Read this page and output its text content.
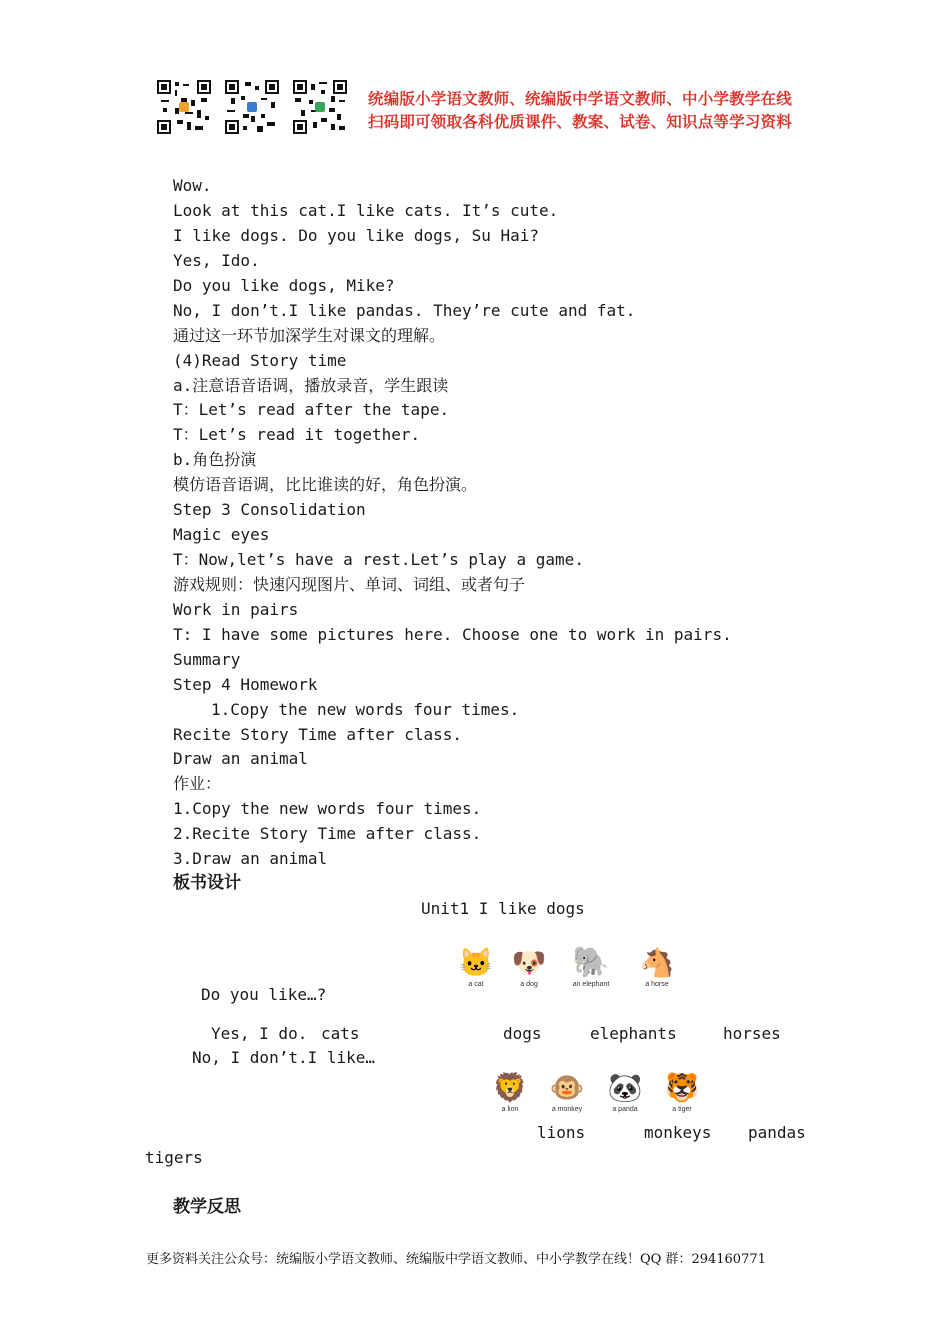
统编版小学语文教师、统编版中学语文教师、中小学教学在线
扫码即可领取各科优质课件、教案、试卷、知识点等学习资料
Wow.
Look at this cat.I like cats. It’s cute.
I like dogs. Do you like dogs, Su Hai?
Yes, Ido.
Do you like dogs, Mike?
No, I don’t.I like pandas. They’re cute and fat.
通过这一环节加深学生对课文的理解。
(4)Read Story time
a.注意语音语调，播放录音，学生跟读
T：Let’s read after the tape.
T：Let’s read it together.
b.角色扮演
模仿语音语调，比比谁读的好，角色扮演。
Step 3 Consolidation
Magic eyes
T：Now,let’s have a rest.Let’s play a game.
游戏规则：快速闪现图片、单词、词组、或者句子
Work in pairs
T: I have some pictures here. Choose one to work in pairs.
Summary
Step 4 Homework
1.Copy the new words four times.
Recite Story Time after class.
Draw an animal
作业：
1.Copy the new words four times.
2.Recite Story Time after class.
3.Draw an animal
板书设计
Unit1 I like dogs
🐱
a cat
🐶
a dog
🐘
an elephant
🐴
a horse
Do you like…?
Yes, I do. cats	dogs	elephants	horses
No, I don’t.I like…
🦁
a lion
🐵
a monkey
🐼
a panda
🐯
a tiger
lions	monkeys pandas
tigers
教学反思
更多资料关注公众号：统编版小学语文教师、统编版中学语文教师、中小学教学在线！QQ 群：294160771
